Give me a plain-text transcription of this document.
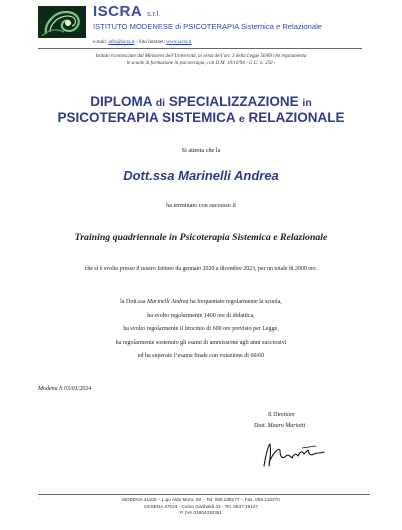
ISCRA s.r.l.
ISTITUTO MODENESE di PSICOTERAPIA Sistemica e Relazionale
e-mail: info@iscra.it - Sito Internet: www.iscra.it
Istituto riconosciuto dal Ministero dell’Università, ai sensi dell’art. 3 della Legge 56/89 che regolamenta
le scuole di formazione in psicoterapia, con D.M. 10/10/94 - G.U. n. 250 -
DIPLOMA di SPECIALIZZAZIONE in
PSICOTERAPIA SISTEMICA e RELAZIONALE
Si attesta che la
Dott.ssa Marinelli Andrea
ha terminato con successo il
Training quadriennale in Psicoterapia Sistemica e Relazionale
che si è svolto presso il nostro Istituto da gennaio 2020 a dicembre 2023, per un totale di 2000 ore.
la Dott.ssa Marinelli Andrea ha frequentato regolarmente la scuola,
ha svolto regolarmente 1400 ore di didattica,
ha svolto regolarmente il tirocinio di 600 ore previsto per Legge,
ha regolarmente sostenuto gli esami di ammissione agli anni successivi
ed ha superato l’esame finale con votazione di 60/60
Modena li 03/01/2024
Il Direttore
Dott. Mauro Mariotti
·	MODENA 41100 – L.go Aldo Moro, 28 – Tel. 059.238177 – Fax. 059.210370
CESENA 47023 - Corso Garibaldi 43 - Tel. 0547 25147
P. IVA 01804330361
